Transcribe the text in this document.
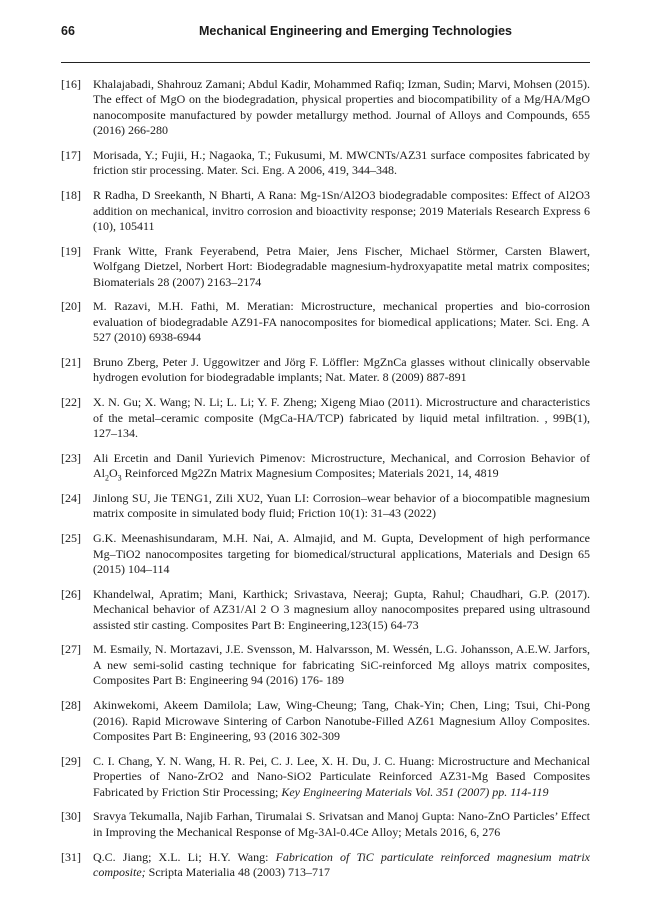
66	Mechanical Engineering and Emerging Technologies
[16]	Khalajabadi, Shahrouz Zamani; Abdul Kadir, Mohammed Rafiq; Izman, Sudin; Marvi, Mohsen (2015). The effect of MgO on the biodegradation, physical properties and biocompatibility of a Mg/HA/MgO nanocomposite manufactured by powder metallurgy method. Journal of Alloys and Compounds, 655 (2016) 266-280
[17]	Morisada, Y.; Fujii, H.; Nagaoka, T.; Fukusumi, M. MWCNTs/AZ31 surface composites fabricated by friction stir processing. Mater. Sci. Eng. A 2006, 419, 344–348.
[18]	R Radha, D Sreekanth, N Bharti, A Rana: Mg-1Sn/Al2O3 biodegradable composites: Effect of Al2O3 addition on mechanical, invitro corrosion and bioactivity response; 2019 Materials Research Express 6 (10), 105411
[19]	Frank Witte, Frank Feyerabend, Petra Maier, Jens Fischer, Michael Störmer, Carsten Blawert, Wolfgang Dietzel, Norbert Hort: Biodegradable magnesium-hydroxyapatite metal matrix composites; Biomaterials 28 (2007) 2163–2174
[20]	M. Razavi, M.H. Fathi, M. Meratian: Microstructure, mechanical properties and bio-corrosion evaluation of biodegradable AZ91-FA nanocomposites for biomedical applications; Mater. Sci. Eng. A 527 (2010) 6938-6944
[21]	Bruno Zberg, Peter J. Uggowitzer and Jörg F. Löffler: MgZnCa glasses without clinically observable hydrogen evolution for biodegradable implants; Nat. Mater. 8 (2009) 887-891
[22]	X. N. Gu; X. Wang; N. Li; L. Li; Y. F. Zheng; Xigeng Miao (2011). Microstructure and characteristics of the metal–ceramic composite (MgCa-HA/TCP) fabricated by liquid metal infiltration. , 99B(1), 127–134.
[23]	Ali Ercetin and Danil Yurievich Pimenov: Microstructure, Mechanical, and Corrosion Behavior of $Al_2O_3$ Reinforced Mg2Zn Matrix Magnesium Composites; Materials 2021, 14, 4819
[24]	Jinlong SU, Jie TENG1, Zili XU2, Yuan LI: Corrosion–wear behavior of a biocompatible magnesium matrix composite in simulated body fluid; Friction 10(1): 31–43 (2022)
[25]	G.K. Meenashisundaram, M.H. Nai, A. Almajid, and M. Gupta, Development of high performance Mg–TiO2 nanocomposites targeting for biomedical/structural applications, Materials and Design 65 (2015) 104–114
[26]	Khandelwal, Apratim; Mani, Karthick; Srivastava, Neeraj; Gupta, Rahul; Chaudhari, G.P. (2017). Mechanical behavior of AZ31/Al 2 O 3 magnesium alloy nanocomposites prepared using ultrasound assisted stir casting. Composites Part B: Engineering,123(15) 64-73
[27]	M. Esmaily, N. Mortazavi, J.E. Svensson, M. Halvarsson, M. Wessén, L.G. Johansson, A.E.W. Jarfors, A new semi-solid casting technique for fabricating SiC-reinforced Mg alloys matrix composites, Composites Part B: Engineering 94 (2016) 176- 189
[28]	Akinwekomi, Akeem Damilola; Law, Wing-Cheung; Tang, Chak-Yin; Chen, Ling; Tsui, Chi-Pong (2016). Rapid Microwave Sintering of Carbon Nanotube-Filled AZ61 Magnesium Alloy Composites. Composites Part B: Engineering, 93 (2016 302-309
[29]	C. I. Chang, Y. N. Wang, H. R. Pei, C. J. Lee, X. H. Du, J. C. Huang: Microstructure and Mechanical Properties of Nano-ZrO2 and Nano-SiO2 Particulate Reinforced AZ31-Mg Based Composites Fabricated by Friction Stir Processing; Key Engineering Materials Vol. 351 (2007) pp. 114-119
[30]	Sravya Tekumalla, Najib Farhan, Tirumalai S. Srivatsan and Manoj Gupta: Nano-ZnO Particles’ Effect in Improving the Mechanical Response of Mg-3Al-0.4Ce Alloy; Metals 2016, 6, 276
[31]	Q.C. Jiang; X.L. Li; H.Y. Wang: Fabrication of TiC particulate reinforced magnesium matrix composite; Scripta Materialia 48 (2003) 713–717
